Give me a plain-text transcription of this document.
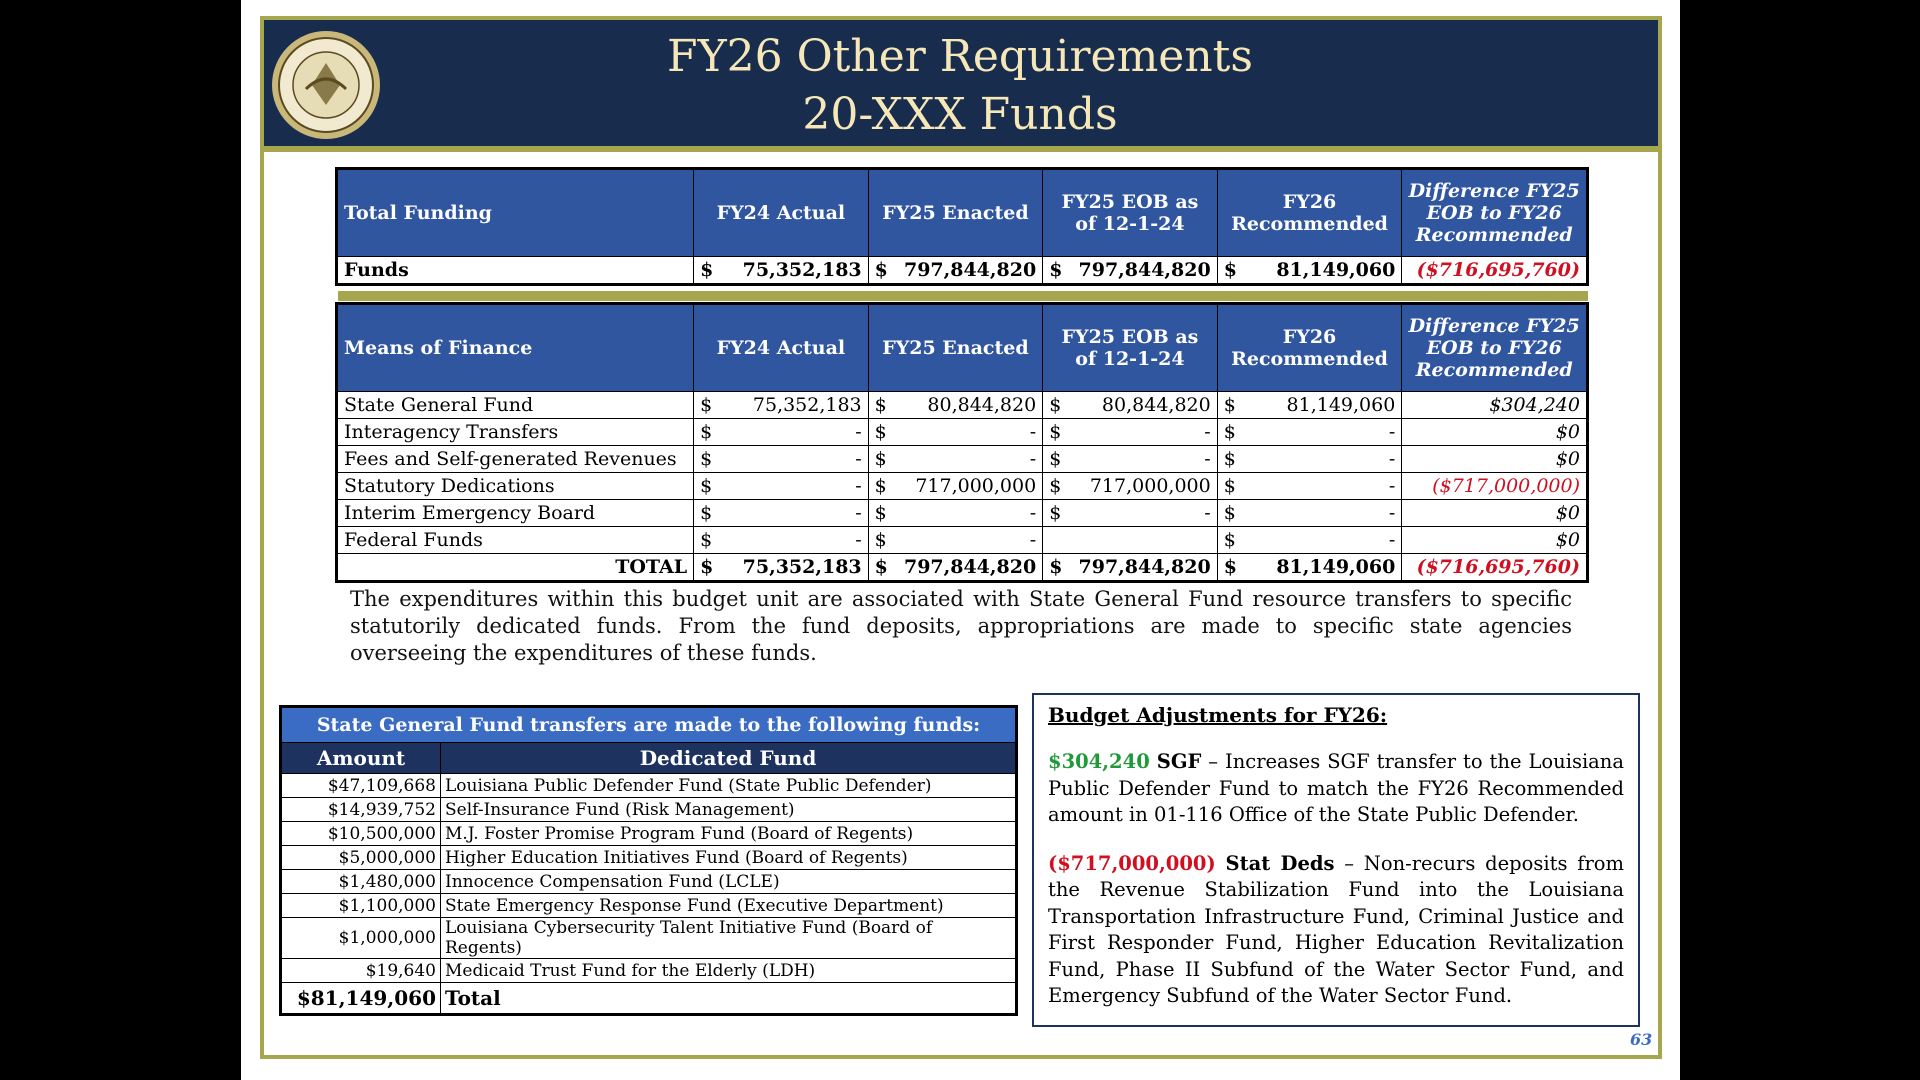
FY26 Other Requirements
20-XXX Funds
Total Funding	FY24 Actual	FY25 Enacted	FY25 EOB as of 12-1-24	FY26 Recommended	Difference FY25 EOB to FY26 Recommended
Funds	$ 75,352,183	$ 797,844,820	$ 797,844,820	$ 81,149,060	($716,695,760)
Means of Finance	FY24 Actual	FY25 Enacted	FY25 EOB as of 12-1-24	FY26 Recommended	Difference FY25 EOB to FY26 Recommended
State General Fund	$ 75,352,183	$ 80,844,820	$ 80,844,820	$ 81,149,060	$304,240
Interagency Transfers	$ -	$ -	$ -	$ -	$0
Fees and Self-generated Revenues	$ -	$ -	$ -	$ -	$0
Statutory Dedications	$ -	$ 717,000,000	$ 717,000,000	$ -	($717,000,000)
Interim Emergency Board	$ -	$ -	$ -	$ -	$0
Federal Funds	$ -	$ -		$ -	$0
TOTAL	$ 75,352,183	$ 797,844,820	$ 797,844,820	$ 81,149,060	($716,695,760)
The expenditures within this budget unit are associated with State General Fund resource transfers to specific statutorily dedicated funds. From the fund deposits, appropriations are made to specific state agencies overseeing the expenditures of these funds.
State General Fund transfers are made to the following funds:	
Amount	Dedicated Fund
$47,109,668	Louisiana Public Defender Fund (State Public Defender)
$14,939,752	Self-Insurance Fund (Risk Management)
$10,500,000	M.J. Foster Promise Program Fund (Board of Regents)
$5,000,000	Higher Education Initiatives Fund (Board of Regents)
$1,480,000	Innocence Compensation Fund (LCLE)
$1,100,000	State Emergency Response Fund (Executive Department)
$1,000,000	Louisiana Cybersecurity Talent Initiative Fund (Board of Regents)
$19,640	Medicaid Trust Fund for the Elderly (LDH)
$81,149,060	Total
Budget Adjustments for FY26:

$304,240 SGF – Increases SGF transfer to the Louisiana Public Defender Fund to match the FY26 Recommended amount in 01-116 Office of the State Public Defender.

($717,000,000) Stat Deds – Non-recurs deposits from the Revenue Stabilization Fund into the Louisiana Transportation Infrastructure Fund, Criminal Justice and First Responder Fund, Higher Education Revitalization Fund, Phase II Subfund of the Water Sector Fund, and Emergency Subfund of the Water Sector Fund.

63
